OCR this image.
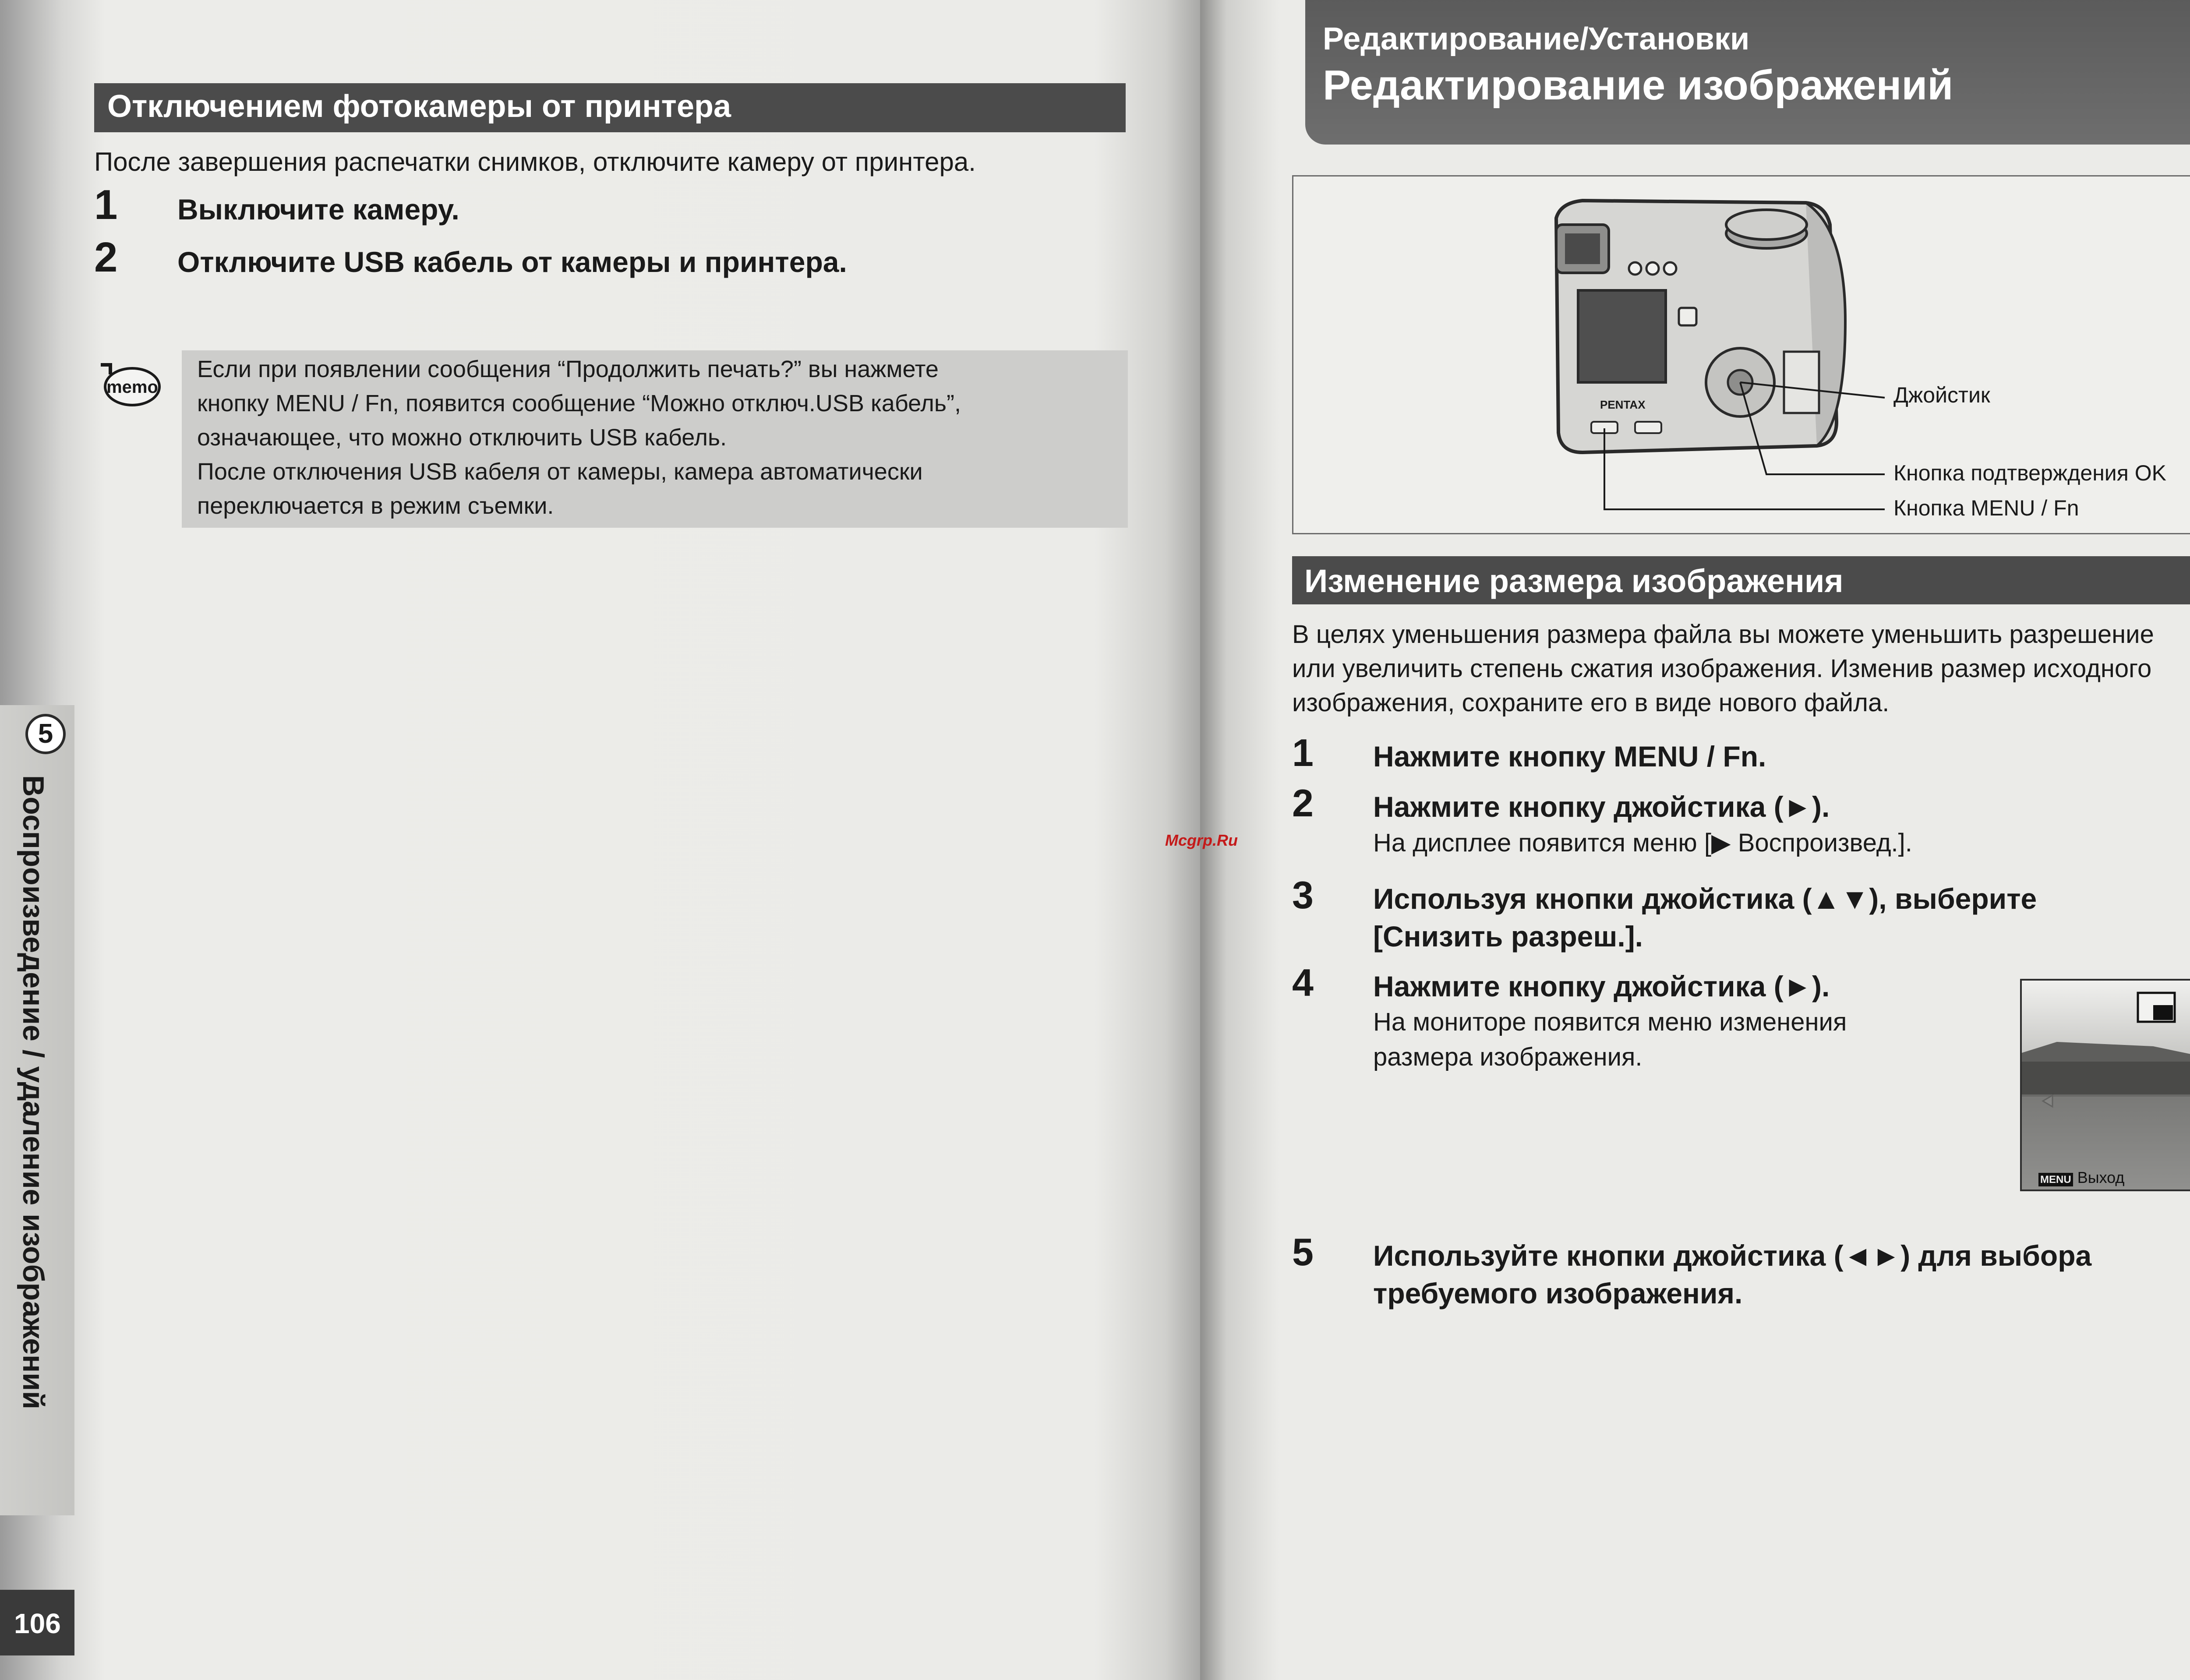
Отключением фотокамеры от принтера
После завершения распечатки снимков, отключите камеру от принтера.
1 Выключите камеру.
2 Отключите USB кабель от камеры и принтера.
memo
Если при появлении сообщения “Продолжить печать?” вы нажмете
кнопку MENU / Fn, появится сообщение “Можно отключ.USB кабель”,
означающее, что можно отключить USB кабель.
После отключения USB кабеля от камеры, камера автоматически
переключается в режим съемки.
5
Воспроизведение / удаление изображений
106
Редактирование/Установки
Редактирование изображений
PENTAX	Джойстик
Кнопка подтверждения OK
Кнопка MENU / Fn
Изменение размера изображения
В целях уменьшения размера файла вы можете уменьшить разрешение
или увеличить степень сжатия изображения. Изменив размер исходного
изображения, сохраните его в виде нового файла.
1 Нажмите кнопку MENU / Fn.
2 Нажмите кнопку джойстика (►).
На дисплее появится меню [▶ Воспроизвед.].
3 Используя кнопки джойстика (▲▼), выберите
[Снизить разреш.].
4 Нажмите кнопку джойстика (►).
На мониторе появится меню изменения
размера изображения.
MENU Выход
5 Используйте кнопки джойстика (◄►) для выбора
требуемого изображения.
Mcgrp.Ru
